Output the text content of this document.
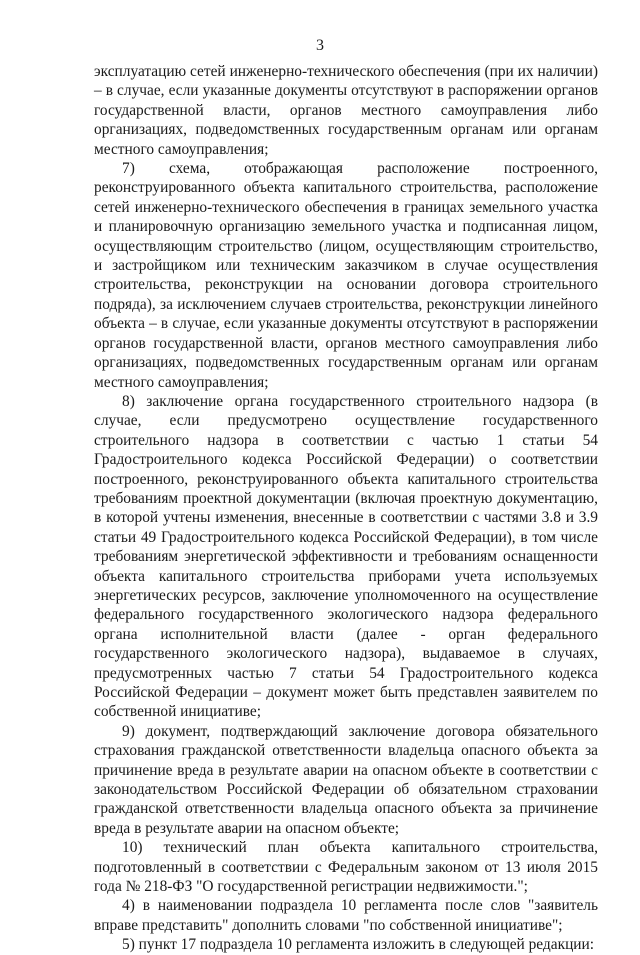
3

эксплуатацию сетей инженерно-технического обеспечения (при их наличии) – в случае, если указанные документы отсутствуют в распоряжении органов государственной власти, органов местного самоуправления либо организациях, подведомственных государственным органам или органам местного самоуправления;

7) схема, отображающая расположение построенного, реконструированного объекта капитального строительства, расположение сетей инженерно-технического обеспечения в границах земельного участка и планировочную организацию земельного участка и подписанная лицом, осуществляющим строительство (лицом, осуществляющим строительство, и застройщиком или техническим заказчиком в случае осуществления строительства, реконструкции на основании договора строительного подряда), за исключением случаев строительства, реконструкции линейного объекта – в случае, если указанные документы отсутствуют в распоряжении органов государственной власти, органов местного самоуправления либо организациях, подведомственных государственным органам или органам местного самоуправления;

8) заключение органа государственного строительного надзора (в случае, если предусмотрено осуществление государственного строительного надзора в соответствии с частью 1 статьи 54 Градостроительного кодекса Российской Федерации) о соответствии построенного, реконструированного объекта капитального строительства требованиям проектной документации (включая проектную документацию, в которой учтены изменения, внесенные в соответствии с частями 3.8 и 3.9 статьи 49 Градостроительного кодекса Российской Федерации), в том числе требованиям энергетической эффективности и требованиям оснащенности объекта капитального строительства приборами учета используемых энергетических ресурсов, заключение уполномоченного на осуществление федерального государственного экологического надзора федерального органа исполнительной власти (далее - орган федерального государственного экологического надзора), выдаваемое в случаях, предусмотренных частью 7 статьи 54 Градостроительного кодекса Российской Федерации – документ может быть представлен заявителем по собственной инициативе;

9) документ, подтверждающий заключение договора обязательного страхования гражданской ответственности владельца опасного объекта за причинение вреда в результате аварии на опасном объекте в соответствии с законодательством Российской Федерации об обязательном страховании гражданской ответственности владельца опасного объекта за причинение вреда в результате аварии на опасном объекте;

10) технический план объекта капитального строительства, подготовленный в соответствии с Федеральным законом от 13 июля 2015 года № 218-ФЗ "О государственной регистрации недвижимости.";

4) в наименовании подраздела 10 регламента после слов "заявитель вправе представить" дополнить словами "по собственной инициативе";

5) пункт 17 подраздела 10 регламента изложить в следующей редакции:
